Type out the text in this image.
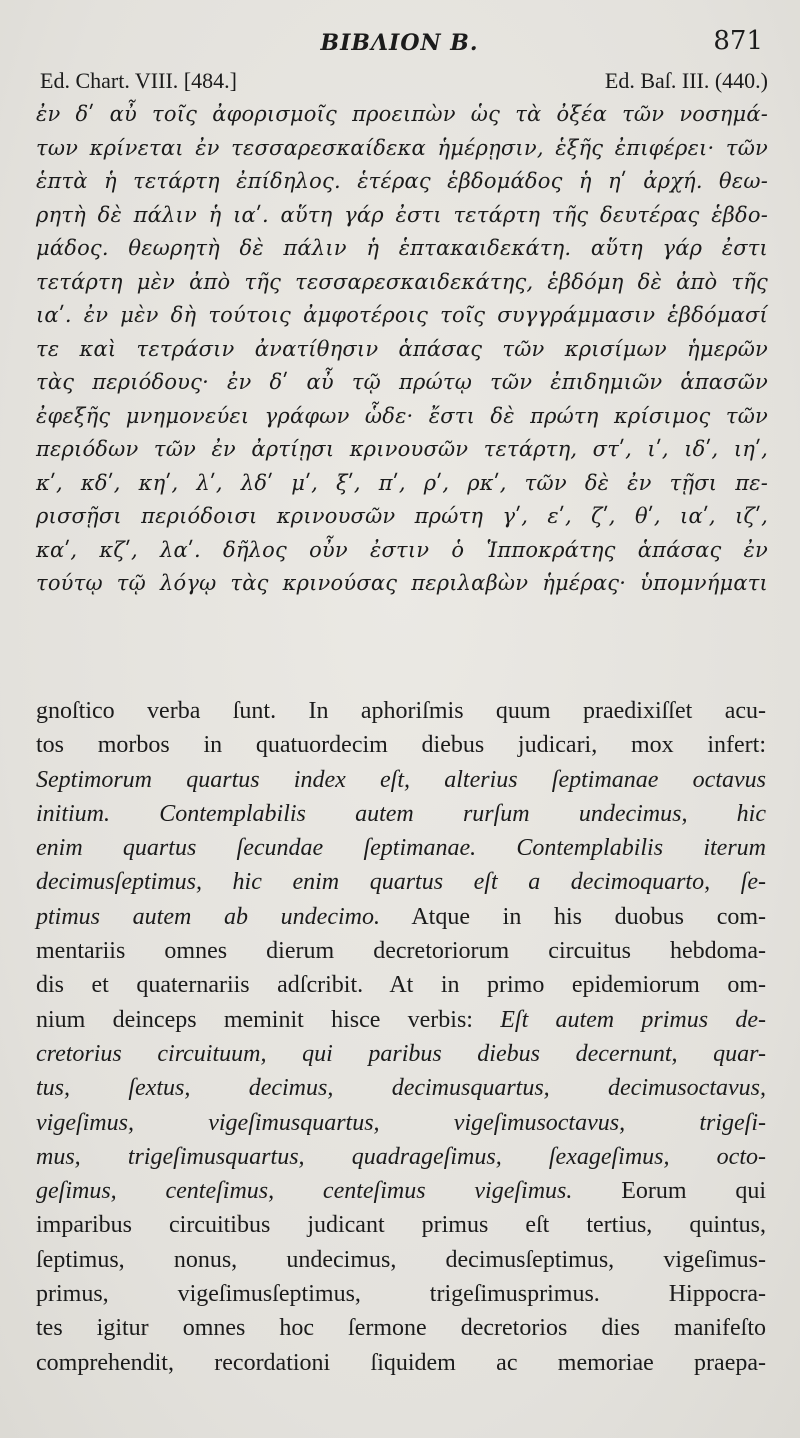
BIBΛΙΟΝ B.	871
Ed. Chart. VIII. [484.]	Ed. Baſ. III. (440.)
ἐν δʹ αὖ τοῖς ἀφορισμοῖς προειπὼν ὡς τὰ ὀξέα τῶν νοσημά-
των κρίνεται ἐν τεσσαρεσκαίδεκα ἡμέρῃσιν, ἑξῆς ἐπιφέρει· τῶν
ἑπτὰ ἡ τετάρτη ἐπίδηλος. ἑτέρας ἑβδομάδος ἡ ηʹ ἀρχή. θεω-
ρητὴ δὲ πάλιν ἡ ιαʹ. αὕτη γάρ ἐστι τετάρτη τῆς δευτέρας ἑβδο-
μάδος. θεωρητὴ δὲ πάλιν ἡ ἑπτακαιδεκάτη. αὕτη γάρ ἐστι
τετάρτη μὲν ἀπὸ τῆς τεσσαρεσκαιδεκάτης, ἑβδόμη δὲ ἀπὸ τῆς
ιαʹ. ἐν μὲν δὴ τούτοις ἀμφοτέροις τοῖς συγγράμμασιν ἑβδόμασί
τε καὶ τετράσιν ἀνατίθησιν ἁπάσας τῶν κρισίμων ἡμερῶν
τὰς περιόδους· ἐν δʹ αὖ τῷ πρώτῳ τῶν ἐπιδημιῶν ἁπασῶν
ἐφεξῆς μνημονεύει γράφων ὧδε· ἔστι δὲ πρώτη κρίσιμος τῶν
περιόδων τῶν ἐν ἀρτίῃσι κρινουσῶν τετάρτη, στʹ, ιʹ, ιδʹ, ιηʹ,
κʹ, κδʹ, κηʹ, λʹ, λδʹ μʹ, ξʹ, πʹ, ρʹ, ρκʹ, τῶν δὲ ἐν τῇσι πε-
ρισσῇσι περιόδοισι κρινουσῶν πρώτη γʹ, εʹ, ζʹ, θʹ, ιαʹ, ιζʹ,
καʹ, κζʹ, λαʹ. δῆλος οὖν ἐστιν ὁ Ἱπποκράτης ἁπάσας ἐν
τούτῳ τῷ λόγῳ τὰς κρινούσας περιλαβὼν ἡμέρας· ὑπομνήματι
gnoſtico verba ſunt. In aphoriſmis quum praedixiſſet acu-
tos morbos in quatuordecim diebus judicari, mox infert:
Septimorum quartus index eſt, alterius ſeptimanae octavus
initium. Contemplabilis autem rurſum undecimus, hic
enim quartus ſecundae ſeptimanae. Contemplabilis iterum
decimusſeptimus, hic enim quartus eſt a decimoquarto, ſe-
ptimus autem ab undecimo. Atque in his duobus com-
mentariis omnes dierum decretoriorum circuitus hebdoma-
dis et quaternariis adſcribit. At in primo epidemiorum om-
nium deinceps meminit hisce verbis: Eſt autem primus de-
cretorius circuituum, qui paribus diebus decernunt, quar-
tus, ſextus, decimus, decimusquartus, decimusoctavus,
vigeſimus, vigeſimusquartus, vigeſimusoctavus, trigeſi-
mus, trigeſimusquartus, quadrageſimus, ſexageſimus, octo-
geſimus, centeſimus, centeſimus vigeſimus. Eorum qui
imparibus circuitibus judicant primus eſt tertius, quintus,
ſeptimus, nonus, undecimus, decimusſeptimus, vigeſimus-
primus, vigeſimusſeptimus, trigeſimusprimus. Hippocra-
tes igitur omnes hoc ſermone decretorios dies manifeſto
comprehendit, recordationi ſiquidem ac memoriae praepa-
